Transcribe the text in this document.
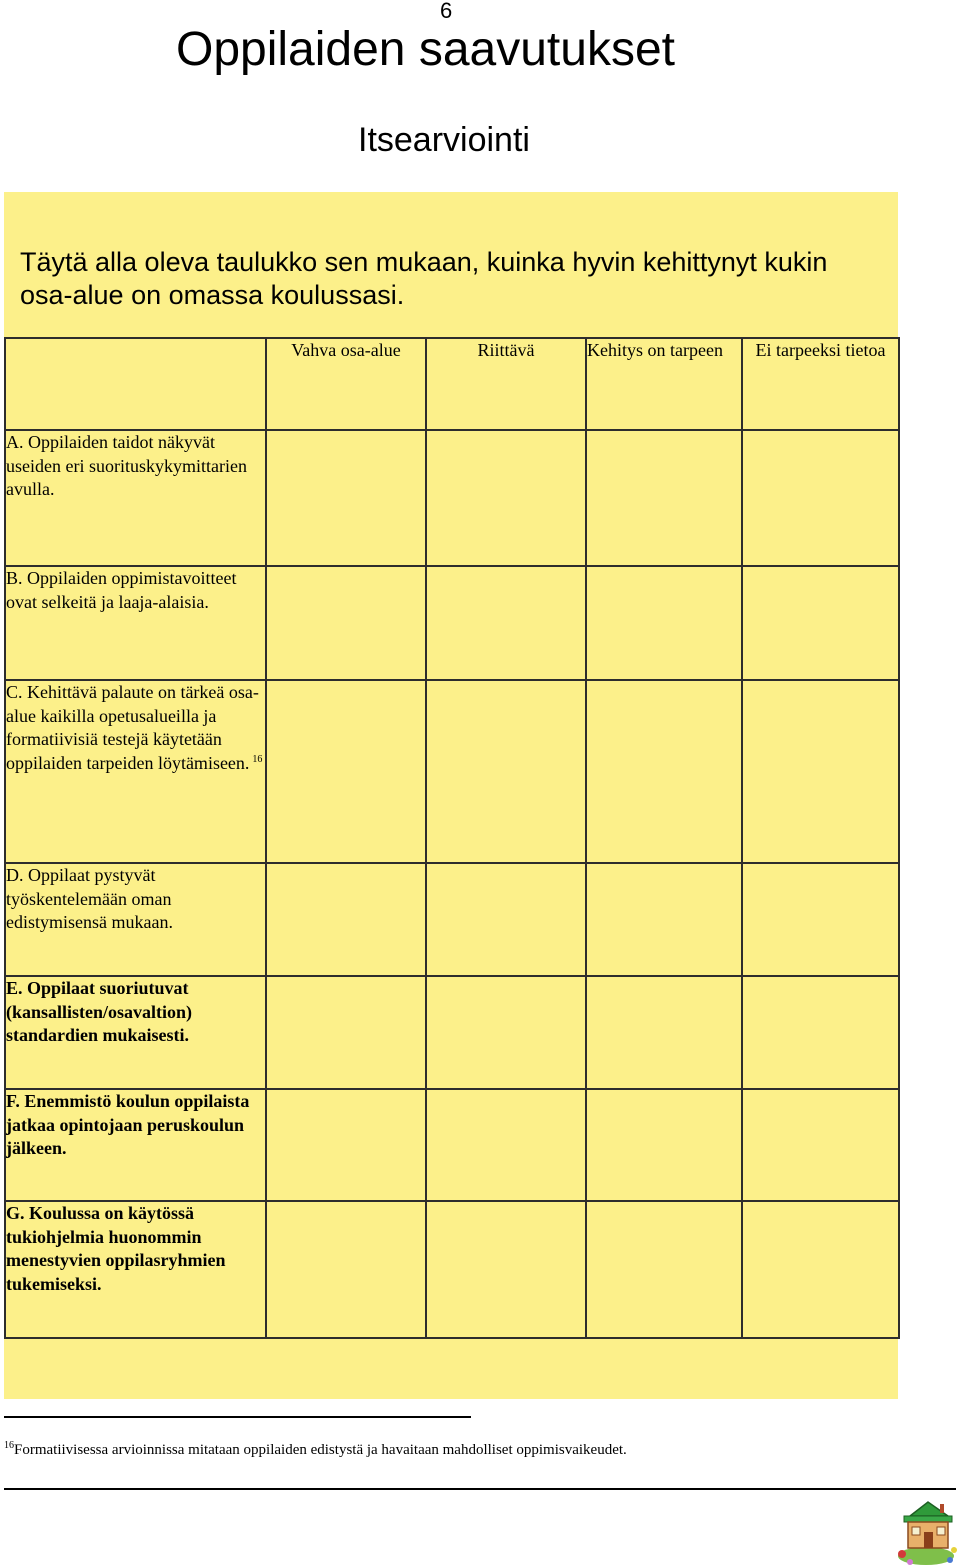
6
Oppilaiden saavutukset
Itsearviointi

Täytä alla oleva taulukko sen mukaan, kuinka hyvin kehittynyt kukin osa-alue on omassa koulussasi.

	Vahva osa-alue	Riittävä	Kehitys on tarpeen	Ei tarpeeksi tietoa
A. Oppilaiden taidot näkyvät useiden eri suorituskykymittarien avulla.				
B. Oppilaiden oppimistavoitteet ovat selkeitä ja laaja-alaisia.				
C. Kehittävä palaute on tärkeä osa-alue kaikilla opetusalueilla ja formatiivisiä testejä käytetään oppilaiden tarpeiden löytämiseen. $^{16}$				
D. Oppilaat pystyvät työskentelemään oman edistymisensä mukaan.				
E. Oppilaat suoriutuvat (kansallisten/osavaltion) standardien mukaisesti.				
F. Enemmistö koulun oppilaista jatkaa opintojaan peruskoulun jälkeen.				
G. Koulussa on käytössä tukiohjelmia huonommin menestyvien oppilasryhmien tukemiseksi.				

$^{16}$Formatiivisessa arvioinnissa mitataan oppilaiden edistystä ja havaitaan mahdolliset oppimisvaikeudet.
